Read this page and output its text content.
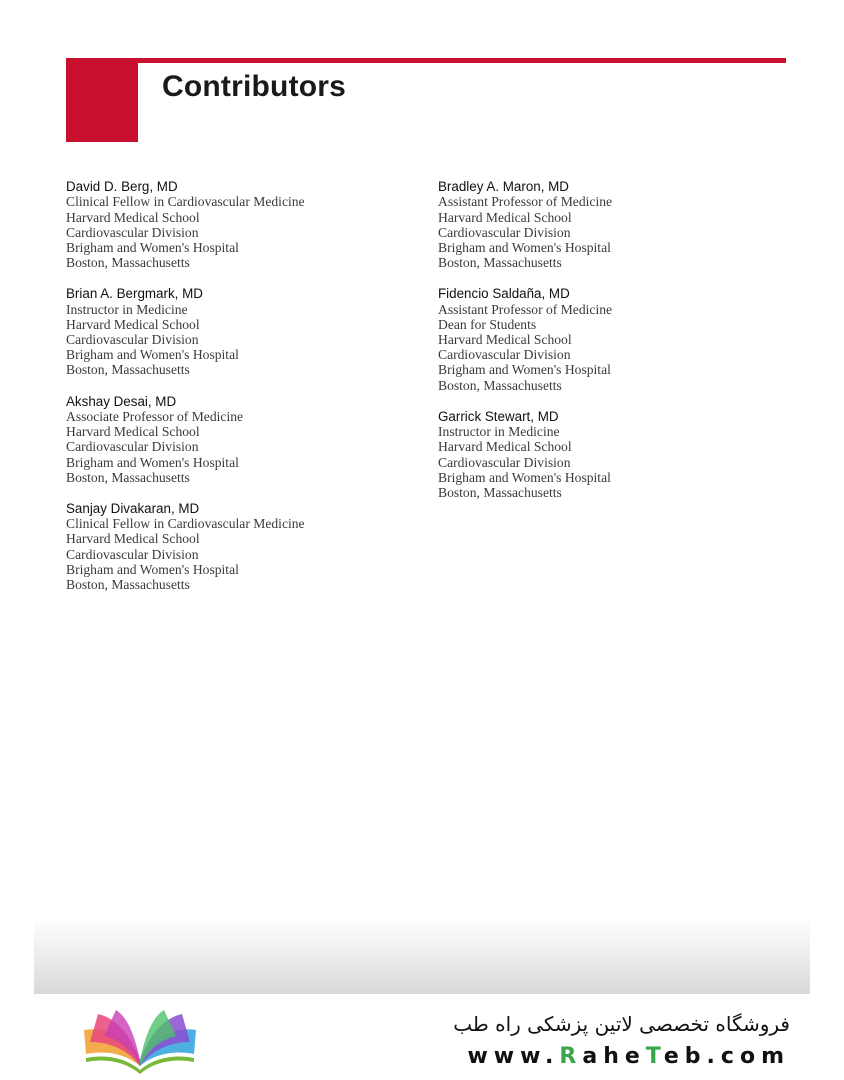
Contributors
David D. Berg, MD
Clinical Fellow in Cardiovascular Medicine
Harvard Medical School
Cardiovascular Division
Brigham and Women's Hospital
Boston, Massachusetts
Brian A. Bergmark, MD
Instructor in Medicine
Harvard Medical School
Cardiovascular Division
Brigham and Women's Hospital
Boston, Massachusetts
Akshay Desai, MD
Associate Professor of Medicine
Harvard Medical School
Cardiovascular Division
Brigham and Women's Hospital
Boston, Massachusetts
Sanjay Divakaran, MD
Clinical Fellow in Cardiovascular Medicine
Harvard Medical School
Cardiovascular Division
Brigham and Women's Hospital
Boston, Massachusetts
Bradley A. Maron, MD
Assistant Professor of Medicine
Harvard Medical School
Cardiovascular Division
Brigham and Women's Hospital
Boston, Massachusetts
Fidencio Saldaña, MD
Assistant Professor of Medicine
Dean for Students
Harvard Medical School
Cardiovascular Division
Brigham and Women's Hospital
Boston, Massachusetts
Garrick Stewart, MD
Instructor in Medicine
Harvard Medical School
Cardiovascular Division
Brigham and Women's Hospital
Boston, Massachusetts
فروشگاه تخصصی لاتین پزشکی راه طب
www.RaheTeb.com
